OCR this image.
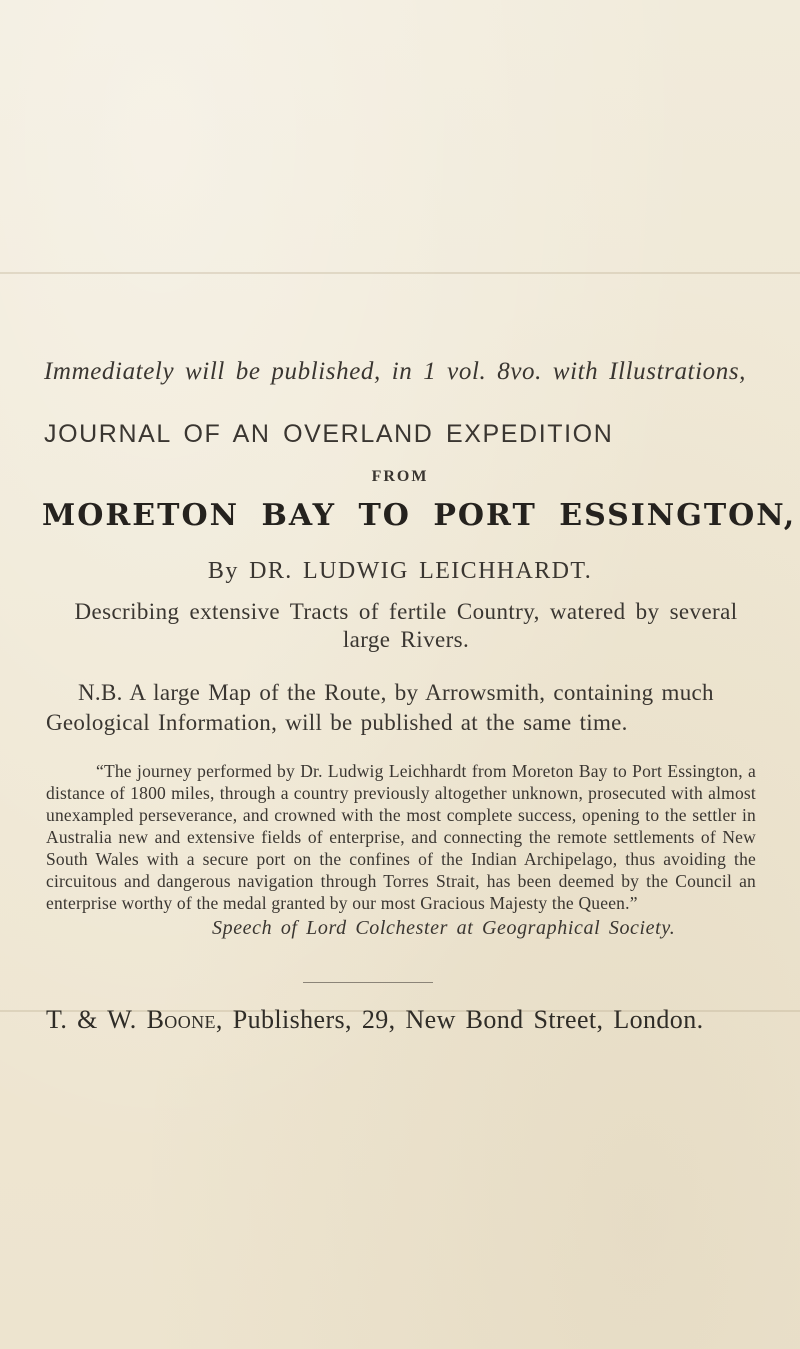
Immediately will be published, in 1 vol. 8vo. with Illustrations,
JOURNAL OF AN OVERLAND EXPEDITION
FROM
MORETON BAY TO PORT ESSINGTON,
By DR. LUDWIG LEICHHARDT.
Describing extensive Tracts of fertile Country, watered by several large Rivers.
N.B. A large Map of the Route, by Arrowsmith, containing much Geological Information, will be published at the same time.
“The journey performed by Dr. Ludwig Leichhardt from Moreton Bay to Port Essington, a distance of 1800 miles, through a country previously altogether unknown, prosecuted with almost unexampled perseverance, and crowned with the most complete success, opening to the settler in Australia new and extensive fields of enterprise, and connecting the remote settlements of New South Wales with a secure port on the confines of the Indian Archipelago, thus avoiding the circuitous and dangerous navigation through Torres Strait, has been deemed by the Council an enterprise worthy of the medal granted by our most Gracious Majesty the Queen.”
Speech of Lord Colchester at Geographical Society.
T. & W. Boone, Publishers, 29, New Bond Street, London.
